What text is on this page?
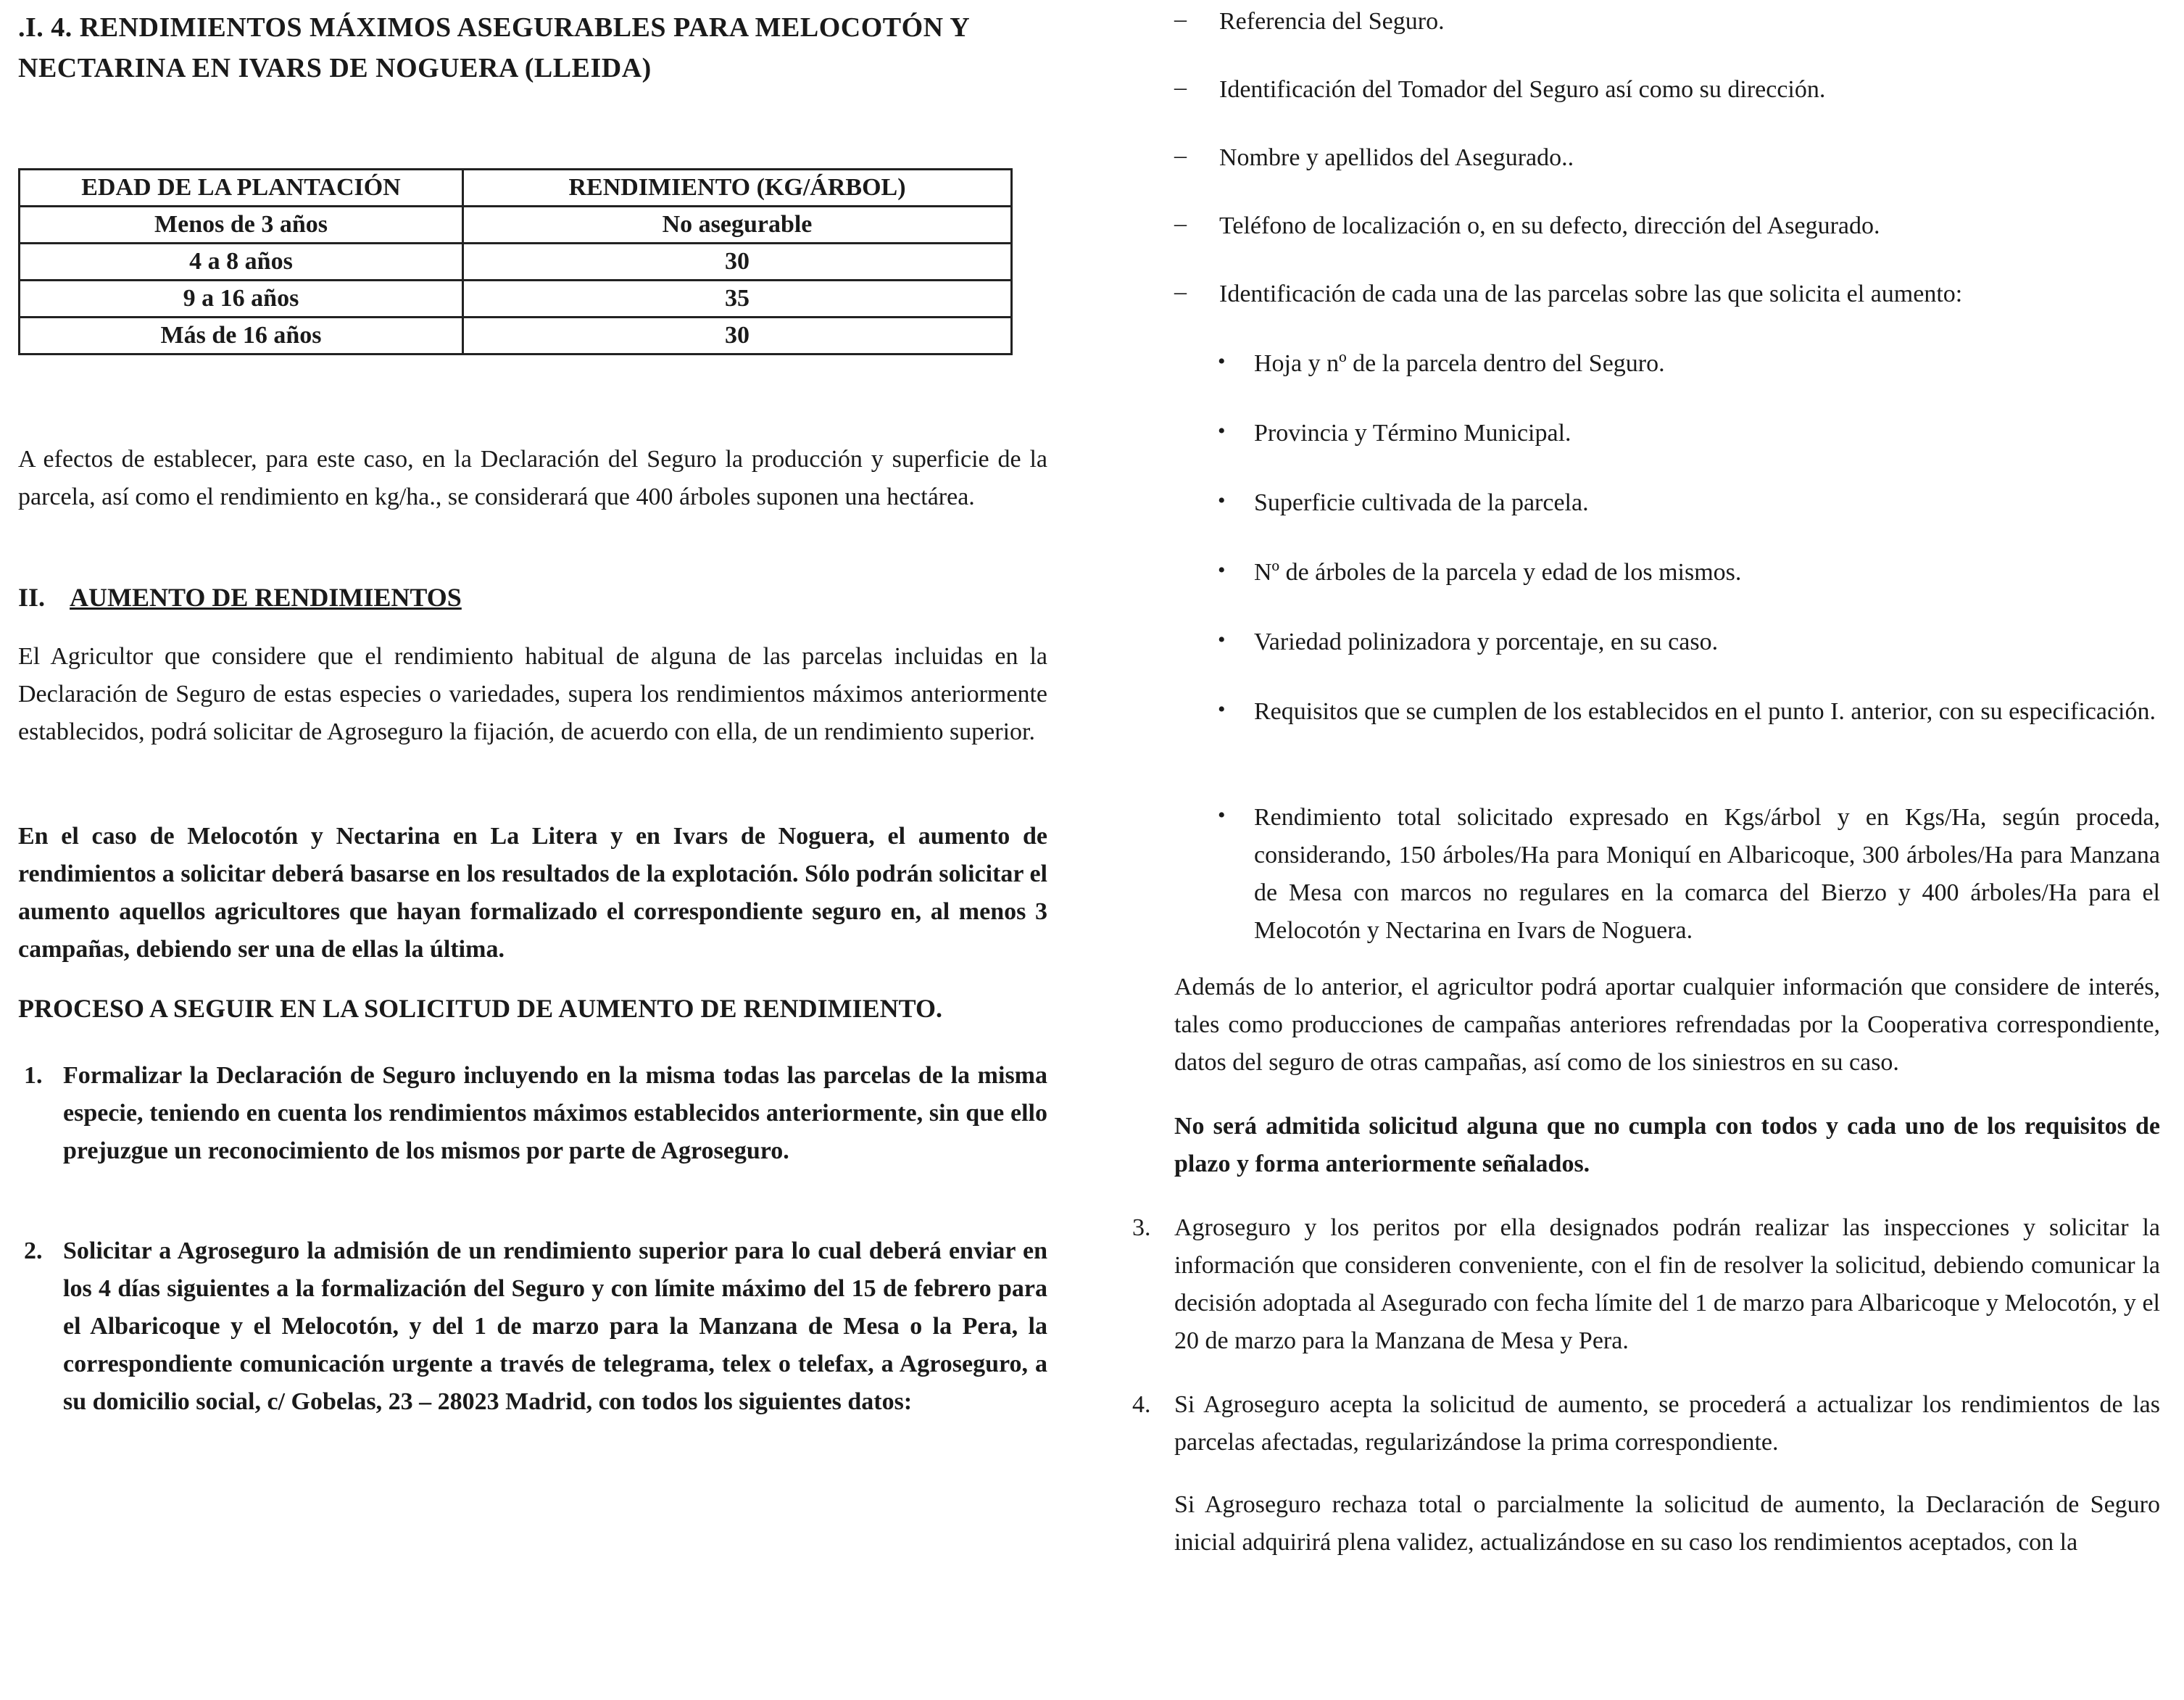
.I. 4. RENDIMIENTOS MÁXIMOS ASEGURABLES PARA MELOCOTÓN Y
NECTARINA EN IVARS DE NOGUERA (LLEIDA)
EDAD DE LA PLANTACIÓN	RENDIMIENTO (KG/ÁRBOL)
Menos de 3 años	No asegurable
4 a 8 años	30
9 a 16 años	35
Más de 16 años	30
A efectos de establecer, para este caso, en la Declaración del Seguro la producción y superficie de la parcela, así como el rendimiento en kg/ha., se considerará que 400 árboles suponen una hectárea.
II. AUMENTO DE RENDIMIENTOS
El Agricultor que considere que el rendimiento habitual de alguna de las parcelas incluidas en la Declaración de Seguro de estas especies o variedades, supera los rendimientos máximos anteriormente establecidos, podrá solicitar de Agroseguro la fijación, de acuerdo con ella, de un rendimiento superior.
En el caso de Melocotón y Nectarina en La Litera y en Ivars de Noguera, el aumento de rendimientos a solicitar deberá basarse en los resultados de la explotación. Sólo podrán solicitar el aumento aquellos agricultores que hayan formalizado el correspondiente seguro en, al menos 3 campañas, debiendo ser una de ellas la última.
PROCESO A SEGUIR EN LA SOLICITUD DE AUMENTO DE RENDIMIENTO.
1. Formalizar la Declaración de Seguro incluyendo en la misma todas las parcelas de la misma especie, teniendo en cuenta los rendimientos máximos establecidos anteriormente, sin que ello prejuzgue un reconocimiento de los mismos por parte de Agroseguro.
2. Solicitar a Agroseguro la admisión de un rendimiento superior para lo cual deberá enviar en los 4 días siguientes a la formalización del Seguro y con límite máximo del 15 de febrero para el Albaricoque y el Melocotón, y del 1 de marzo para la Manzana de Mesa o la Pera, la correspondiente comunicación urgente a través de telegrama, telex o telefax, a Agroseguro, a su domicilio social, c/ Gobelas, 23 – 28023 Madrid, con todos los siguientes datos:
– Referencia del Seguro.
– Identificación del Tomador del Seguro así como su dirección.
– Nombre y apellidos del Asegurado..
– Teléfono de localización o, en su defecto, dirección del Asegurado.
– Identificación de cada una de las parcelas sobre las que solicita el aumento:
• Hoja y nº de la parcela dentro del Seguro.
• Provincia y Término Municipal.
• Superficie cultivada de la parcela.
• Nº de árboles de la parcela y edad de los mismos.
• Variedad polinizadora y porcentaje, en su caso.
• Requisitos que se cumplen de los establecidos en el punto I. anterior, con su especificación.
• Rendimiento total solicitado expresado en Kgs/árbol y en Kgs/Ha, según proceda, considerando, 150 árboles/Ha para Moniquí en Albaricoque, 300 árboles/Ha para Manzana de Mesa con marcos no regulares en la comarca del Bierzo y 400 árboles/Ha para el Melocotón y Nectarina en Ivars de Noguera.
Además de lo anterior, el agricultor podrá aportar cualquier información que considere de interés, tales como producciones de campañas anteriores refrendadas por la Cooperativa correspondiente, datos del seguro de otras campañas, así como de los siniestros en su caso.
No será admitida solicitud alguna que no cumpla con todos y cada uno de los requisitos de plazo y forma anteriormente señalados.
3. Agroseguro y los peritos por ella designados podrán realizar las inspecciones y solicitar la información que consideren conveniente, con el fin de resolver la solicitud, debiendo comunicar la decisión adoptada al Asegurado con fecha límite del 1 de marzo para Albaricoque y Melocotón, y el 20 de marzo para la Manzana de Mesa y Pera.
4. Si Agroseguro acepta la solicitud de aumento, se procederá a actualizar los rendimientos de las parcelas afectadas, regularizándose la prima correspondiente.
Si Agroseguro rechaza total o parcialmente la solicitud de aumento, la Declaración de Seguro inicial adquirirá plena validez, actualizándose en su caso los rendimientos aceptados, con la
